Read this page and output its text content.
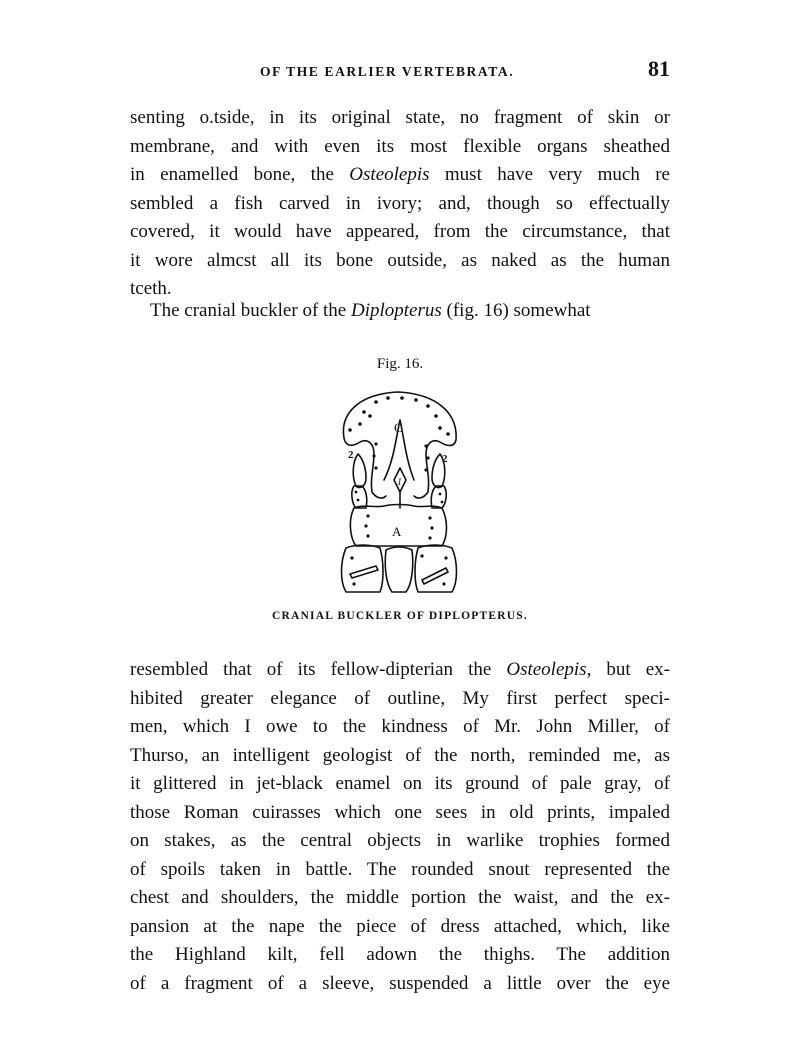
OF THE EARLIER VERTEBRATA.	81
senting o.tside, in its original state, no fragment of skin or
membrane, and with even its most flexible organs sheathed
in enamelled bone, the Osteolepis must have very much re
sembled a fish carved in ivory; and, though so effectually
covered, it would have appeared, from the circumstance, that
it wore almcst all its bone outside, as naked as the human
tceth.
The cranial buckler of the Diplopterus (fig. 16) somewhat
Fig. 16.
C
A
1
2	2
CRANIAL BUCKLER OF DIPLOPTERUS.
resembled that of its fellow-dipterian the Osteolepis, but ex-
hibited greater elegance of outline, My first perfect speci-
men, which I owe to the kindness of Mr. John Miller, of
Thurso, an intelligent geologist of the north, reminded me, as
it glittered in jet-black enamel on its ground of pale gray, of
those Roman cuirasses which one sees in old prints, impaled
on stakes, as the central objects in warlike trophies formed
of spoils taken in battle. The rounded snout represented the
chest and shoulders, the middle portion the waist, and the ex-
pansion at the nape the piece of dress attached, which, like
the Highland kilt, fell adown the thighs. The addition
of a fragment of a sleeve, suspended a little over the eye
